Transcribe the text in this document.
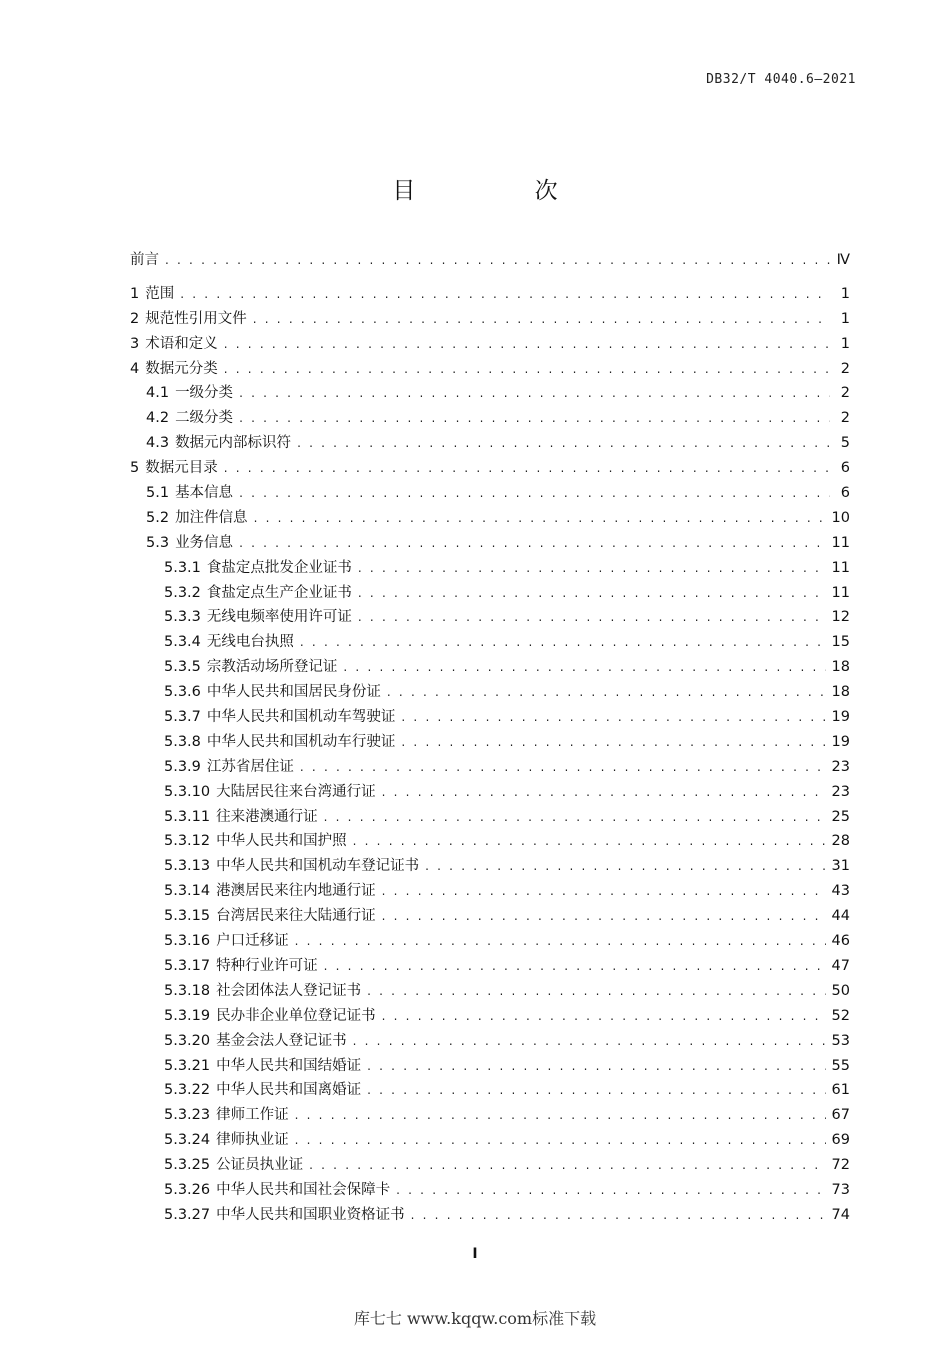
DB32/T 4040.6—2021
目 次
前言 . . .	Ⅳ
1 范围 . . .	1
2 规范性引用文件 . . .	1
3 术语和定义 . . .	1
4 数据元分类 . . .	2
4.1 一级分类 . . .	2
4.2 二级分类 . . .	2
4.3 数据元内部标识符 . . .	5
5 数据元目录 . . .	6
5.1 基本信息 . . .	6
5.2 加注件信息 . . .	10
5.3 业务信息 . . .	11
5.3.1 食盐定点批发企业证书 . . .	11
5.3.2 食盐定点生产企业证书 . . .	11
5.3.3 无线电频率使用许可证 . . .	12
5.3.4 无线电台执照 . . .	15
5.3.5 宗教活动场所登记证 . . .	18
5.3.6 中华人民共和国居民身份证 . . .	18
5.3.7 中华人民共和国机动车驾驶证 . . .	19
5.3.8 中华人民共和国机动车行驶证 . . .	19
5.3.9 江苏省居住证 . . .	23
5.3.10 大陆居民往来台湾通行证 . . .	23
5.3.11 往来港澳通行证 . . .	25
5.3.12 中华人民共和国护照 . . .	28
5.3.13 中华人民共和国机动车登记证书 . . .	31
5.3.14 港澳居民来往内地通行证 . . .	43
5.3.15 台湾居民来往大陆通行证 . . .	44
5.3.16 户口迁移证 . . .	46
5.3.17 特种行业许可证 . . .	47
5.3.18 社会团体法人登记证书 . . .	50
5.3.19 民办非企业单位登记证书 . . .	52
5.3.20 基金会法人登记证书 . . .	53
5.3.21 中华人民共和国结婚证 . . .	55
5.3.22 中华人民共和国离婚证 . . .	61
5.3.23 律师工作证 . . .	67
5.3.24 律师执业证 . . .	69
5.3.25 公证员执业证 . . .	72
5.3.26 中华人民共和国社会保障卡 . . .	73
5.3.27 中华人民共和国职业资格证书 . . .	74
I
库七七 www.kqqw.com标准下载
